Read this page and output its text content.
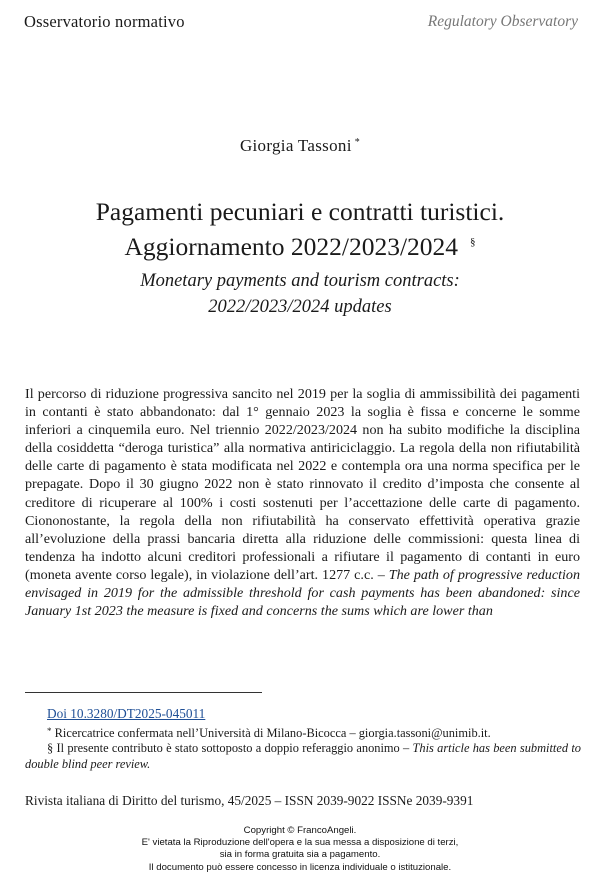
Osservatorio normativo	Regulatory Observatory
Giorgia Tassoni *
Pagamenti pecuniari e contratti turistici.
Aggiornamento 2022/2023/2024 §
Monetary payments and tourism contracts:
2022/2023/2024 updates
Il percorso di riduzione progressiva sancito nel 2019 per la soglia di ammissibilità dei pagamenti in contanti è stato abbandonato: dal 1° gennaio 2023 la soglia è fissa e concerne le somme inferiori a cinquemila euro. Nel triennio 2022/2023/2024 non ha subito modifiche la disciplina della cosiddetta “deroga turistica” alla normativa antiriciclaggio. La regola della non rifiutabilità delle carte di pagamento è stata modificata nel 2022 e contempla ora una norma specifica per le prepagate. Dopo il 30 giugno 2022 non è stato rinnovato il credito d’imposta che consente al creditore di ricuperare al 100% i costi sostenuti per l’accettazione delle carte di pagamento. Ciononostante, la regola della non rifiutabilità ha conservato effettività operativa grazie all’evoluzione della prassi bancaria diretta alla riduzione delle commissioni: questa linea di tendenza ha indotto alcuni creditori professionali a rifiutare il pagamento di contanti in euro (moneta avente corso legale), in violazione dell’art. 1277 c.c. – The path of progressive reduction envisaged in 2019 for the admissible threshold for cash payments has been abandoned: since January 1st 2023 the measure is fixed and concerns the sums which are lower than
Doi 10.3280/DT2025-045011
* Ricercatrice confermata nell’Università di Milano-Bicocca – giorgia.tassoni@unimib.it.
§ Il presente contributo è stato sottoposto a doppio referaggio anonimo – This article has been submitted to double blind peer review.
Rivista italiana di Diritto del turismo, 45/2025 – ISSN 2039-9022 ISSNe 2039-9391
Copyright © FrancoAngeli.
E' vietata la Riproduzione dell'opera e la sua messa a disposizione di terzi,
sia in forma gratuita sia a pagamento.
Il documento può essere concesso in licenza individuale o istituzionale.
